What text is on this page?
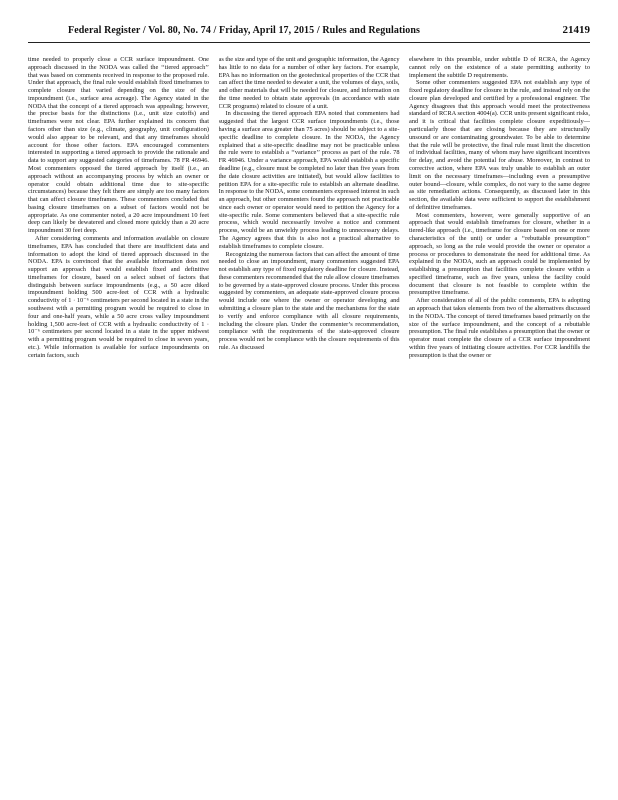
Federal Register / Vol. 80, No. 74 / Friday, April 17, 2015 / Rules and Regulations	21419

time needed to properly close a CCR surface impoundment. One approach discussed in the NODA was called the ‘‘tiered approach’’ that was based on comments received in response to the proposed rule. Under that approach, the final rule would establish fixed timeframes to complete closure that varied depending on the size of the impoundment (i.e., surface area acreage). The Agency stated in the NODA that the concept of a tiered approach was appealing; however, the precise basis for the distinctions (i.e., unit size cutoffs) and timeframes were not clear. EPA further explained its concern that factors other than size (e.g., climate, geography, unit configuration) would also appear to be relevant, and that any timeframes should account for those other factors. EPA encouraged commenters interested in supporting a tiered approach to provide the rationale and data to support any suggested categories of timeframes. 78 FR 46946. Most commenters opposed the tiered approach by itself (i.e., an approach without an accompanying process by which an owner or operator could obtain additional time due to site-specific circumstances) because they felt there are simply are too many factors that can affect closure timeframes. These commenters concluded that basing closure timeframes on a subset of factors would not be appropriate. As one commenter noted, a 20 acre impoundment 10 feet deep can likely be dewatered and closed more quickly than a 20 acre impoundment 30 feet deep.

After considering comments and information available on closure timeframes, EPA has concluded that there are insufficient data and information to adopt the kind of tiered approach discussed in the NODA. EPA is convinced that the available information does not support an approach that would establish fixed and definitive timeframes for closure, based on a select subset of factors that distinguish between surface impoundments (e.g., a 50 acre diked impoundment holding 500 acre-feet of CCR with a hydraulic conductivity of 1 · 10⁻⁶ centimeters per second located in a state in the southwest with a permitting program would be required to close in four and one-half years, while a 50 acre cross valley impoundment holding 1,500 acre-feet of CCR with a hydraulic conductivity of 1 · 10⁻⁶ centimeters per second located in a state in the upper midwest with a permitting program would be required to close in seven years, etc.). While information is available for surface impoundments on certain factors, such

as the size and type of the unit and geographic information, the Agency has little to no data for a number of other key factors. For example, EPA has no information on the geotechnical properties of the CCR that can affect the time needed to dewater a unit, the volumes of days, soils, and other materials that will be needed for closure, and information on the time needed to obtain state approvals (in accordance with state CCR programs) related to closure of a unit.

In discussing the tiered approach EPA noted that commenters had suggested that the largest CCR surface impoundments (i.e., those having a surface area greater than 75 acres) should be subject to a site-specific deadline to complete closure. In the NODA, the Agency explained that a site-specific deadline may not be practicable unless the rule were to establish a ‘‘variance’’ process as part of the rule. 78 FR 46946. Under a variance approach, EPA would establish a specific deadline (e.g., closure must be completed no later than five years from the date closure activities are initiated), but would allow facilities to petition EPA for a site-specific rule to establish an alternate deadline. In response to the NODA, some commenters expressed interest in such an approach, but other commenters found the approach not practicable since each owner or operator would need to petition the Agency for a site-specific rule. Some commenters believed that a site-specific rule process, which would necessarily involve a notice and comment process, would be an unwieldy process leading to unnecessary delays. The Agency agrees that this is also not a practical alternative to establish timeframes to complete closure.

Recognizing the numerous factors that can affect the amount of time needed to close an impoundment, many commenters suggested EPA not establish any type of fixed regulatory deadline for closure. Instead, these commenters recommended that the rule allow closure timeframes to be governed by a state-approved closure process. Under this process suggested by commenters, an adequate state-approved closure process would include one where the owner or operator developing and submitting a closure plan to the state and the mechanisms for the state to verify and enforce compliance with all closure requirements, including the closure plan. Under the commenter’s recommendation, compliance with the requirements of the state-approved closure process would not be compliance with the closure requirements of this rule. As discussed

elsewhere in this preamble, under subtitle D of RCRA, the Agency cannot rely on the existence of a state permitting authority to implement the subtitle D requirements.

Some other commenters suggested EPA not establish any type of fixed regulatory deadline for closure in the rule, and instead rely on the closure plan developed and certified by a professional engineer. The Agency disagrees that this approach would meet the protectiveness standard of RCRA section 4004(a). CCR units present significant risks, and it is critical that facilities complete closure expeditiously—particularly those that are closing because they are structurally unsound or are contaminating groundwater. To be able to determine that the rule will be protective, the final rule must limit the discretion of individual facilities, many of whom may have significant incentives for delay, and avoid the potential for abuse. Moreover, in contrast to corrective action, where EPA was truly unable to establish an outer limit on the necessary timeframes—including even a presumptive outer bound—closure, while complex, do not vary to the same degree as site remediation actions. Consequently, as discussed later in this section, the available data were sufficient to support the establishment of definitive timeframes.

Most commenters, however, were generally supportive of an approach that would establish timeframes for closure, whether in a tiered-like approach (i.e., timeframe for closure based on one or more characteristics of the unit) or under a ‘‘rebuttable presumption’’ approach, so long as the rule would provide the owner or operator a process or procedures to demonstrate the need for additional time. As explained in the NODA, such an approach could be implemented by establishing a presumption that facilities complete closure within a specified timeframe, such as five years, unless the facility could document that closure is not feasible to complete within the presumptive timeframe.

After consideration of all of the public comments, EPA is adopting an approach that takes elements from two of the alternatives discussed in the NODA. The concept of tiered timeframes based primarily on the size of the surface impoundment, and the concept of a rebuttable presumption. The final rule establishes a presumption that the owner or operator must complete the closure of a CCR surface impoundment within five years of initiating closure activities. For CCR landfills the presumption is that the owner or
